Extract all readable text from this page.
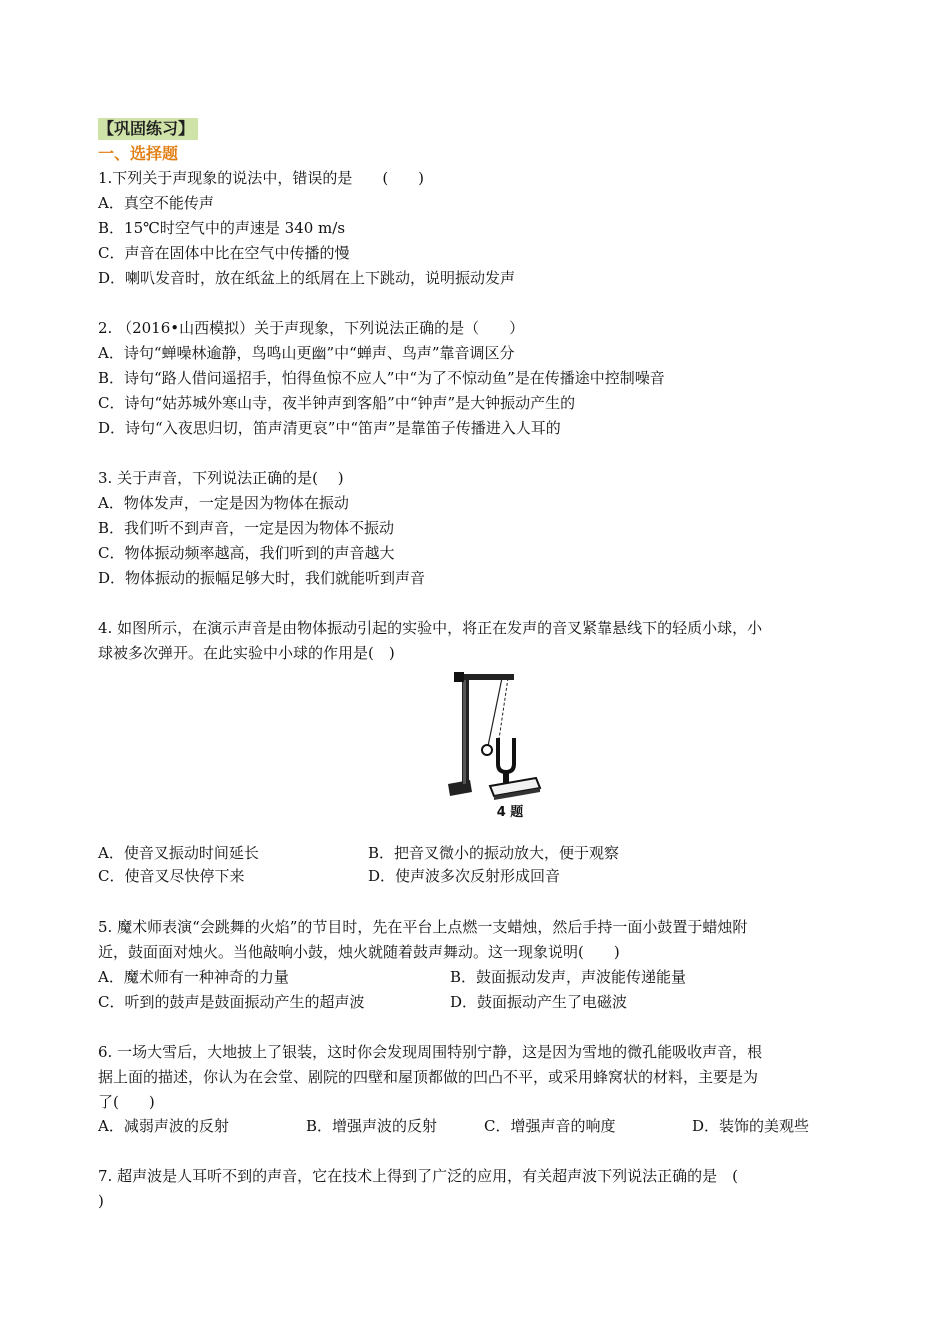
【巩固练习】
一、选择题
1.下列关于声现象的说法中，错误的是　　(　　)
A．真空不能传声
B．15℃时空气中的声速是 340 m/s
C．声音在固体中比在空气中传播的慢
D．喇叭发音时，放在纸盆上的纸屑在上下跳动，说明振动发声
2. （2016•山西模拟）关于声现象，下列说法正确的是（　　）
A．诗句“蝉噪林逾静，鸟鸣山更幽”中“蝉声、鸟声”靠音调区分
B．诗句“路人借问遥招手，怕得鱼惊不应人”中“为了不惊动鱼”是在传播途中控制噪音
C．诗句“姑苏城外寒山寺，夜半钟声到客船”中“钟声”是大钟振动产生的
D．诗句“入夜思归切，笛声清更哀”中“笛声”是靠笛子传播进入人耳的
3. 关于声音，下列说法正确的是(　 )
A．物体发声，一定是因为物体在振动
B．我们听不到声音，一定是因为物体不振动
C．物体振动频率越高，我们听到的声音越大
D．物体振动的振幅足够大时，我们就能听到声音
4. 如图所示，在演示声音是由物体振动引起的实验中，将正在发声的音叉紧靠悬线下的轻质小球，小
球被多次弹开。在此实验中小球的作用是(　)
4 题
A．使音叉振动时间延长	B．把音叉微小的振动放大，便于观察
C．使音叉尽快停下来	D．使声波多次反射形成回音
5. 魔术师表演“会跳舞的火焰”的节目时，先在平台上点燃一支蜡烛，然后手持一面小鼓置于蜡烛附
近，鼓面面对烛火。当他敲响小鼓，烛火就随着鼓声舞动。这一现象说明(　　)
A．魔术师有一种神奇的力量	B．鼓面振动发声，声波能传递能量
C．听到的鼓声是鼓面振动产生的超声波	D．鼓面振动产生了电磁波
6. 一场大雪后，大地披上了银装，这时你会发现周围特别宁静，这是因为雪地的微孔能吸收声音，根
据上面的描述，你认为在会堂、剧院的四壁和屋顶都做的凹凸不平，或采用蜂窝状的材料，主要是为
了(　　)
A．减弱声波的反射	B．增强声波的反射	C．增强声音的响度	D．装饰的美观些
7. 超声波是人耳听不到的声音，它在技术上得到了广泛的应用，有关超声波下列说法正确的是　(
)
